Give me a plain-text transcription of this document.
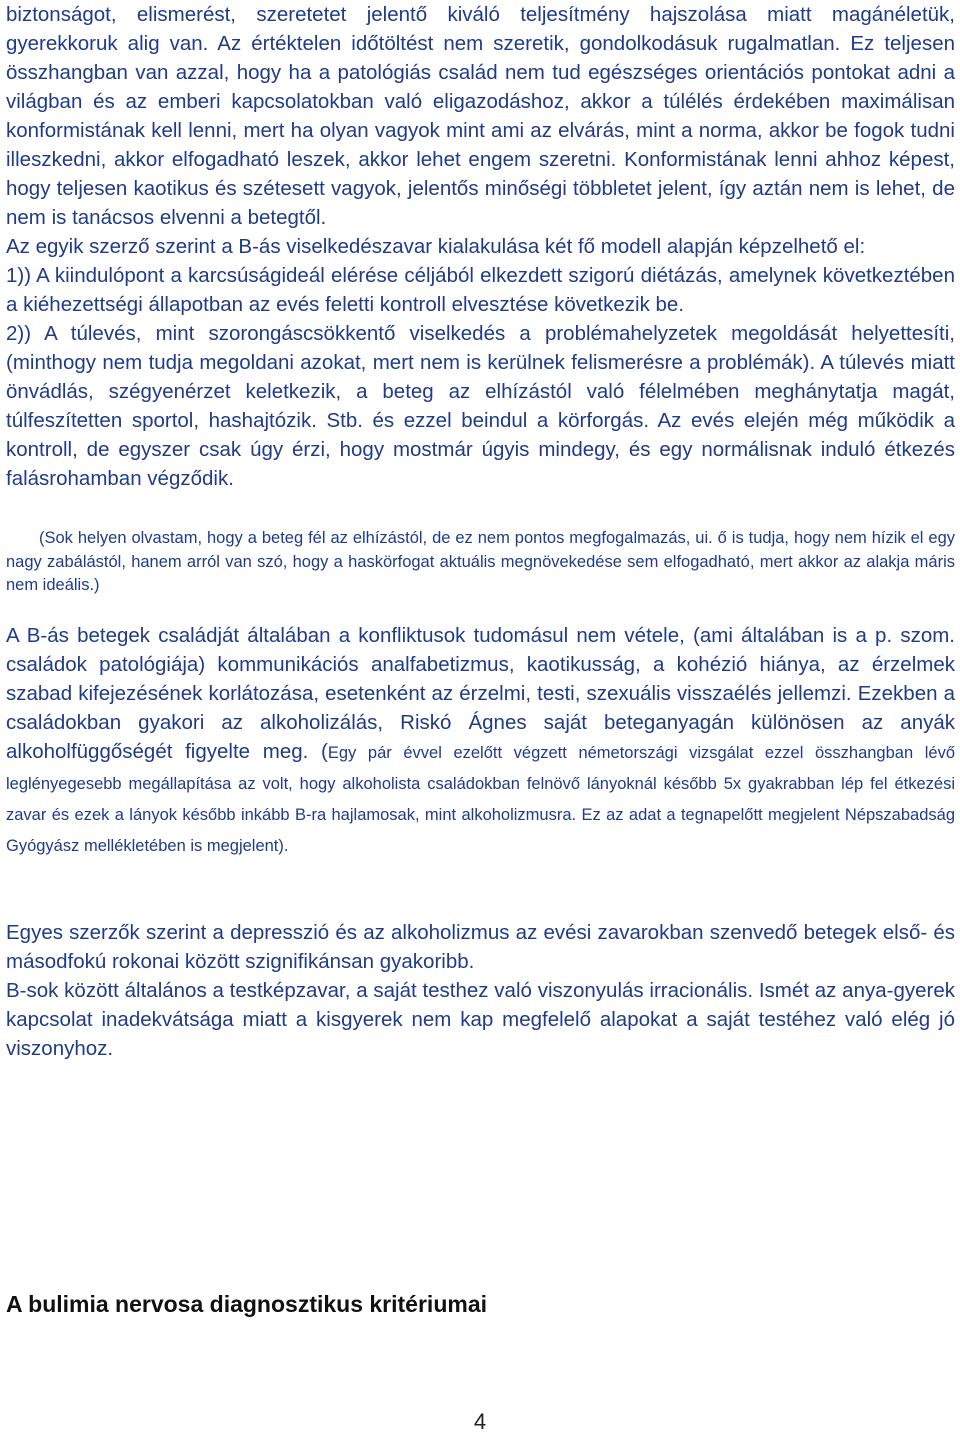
biztonságot, elismerést, szeretetet jelentő kiváló teljesítmény hajszolása miatt magánéletük, gyerekkoruk alig van. Az értéktelen időtöltést nem szeretik, gondolkodásuk rugalmatlan. Ez teljesen összhangban van azzal, hogy ha a patológiás család nem tud egészséges orientációs pontokat adni a világban és az emberi kapcsolatokban való eligazodáshoz, akkor a túlélés érdekében maximálisan konformistának kell lenni, mert ha olyan vagyok mint ami az elvárás, mint a norma, akkor be fogok tudni illeszkedni, akkor elfogadható leszek, akkor lehet engem szeretni. Konformistának lenni ahhoz képest, hogy teljesen kaotikus és szétesett vagyok, jelentős minőségi többletet jelent, így aztán nem is lehet, de nem is tanácsos elvenni a betegtől.

Az egyik szerző szerint a B-ás viselkedészavar kialakulása két fő modell alapján képzelhető el:

1)) A kiindulópont a karcsúságideál elérése céljából elkezdett szigorú diétázás, amelynek következtében a kiéhezettségi állapotban az evés feletti kontroll elvesztése következik be.

2)) A túlevés, mint szorongáscsökkentő viselkedés a problémahelyzetek megoldását helyettesíti, (minthogy nem tudja megoldani azokat, mert nem is kerülnek felismerésre a problémák). A túlevés miatt önvádlás, szégyenérzet keletkezik, a beteg az elhízástól való félelmében meghánytatja magát, túlfeszítetten sportol, hashajtózik. Stb. és ezzel beindul a körforgás. Az evés elején még működik a kontroll, de egyszer csak úgy érzi, hogy mostmár úgyis mindegy, és egy normálisnak induló étkezés falásrohamban végződik.

(Sok helyen olvastam, hogy a beteg fél az elhízástól, de ez nem pontos megfogalmazás, ui. ő is tudja, hogy nem hízik el egy nagy zabálástól, hanem arról van szó, hogy a haskörfogat aktuális megnövekedése sem elfogadható, mert akkor az alakja máris nem ideális.)

A B-ás betegek családját általában a konfliktusok tudomásul nem vétele, (ami általában is a p. szom. családok patológiája) kommunikációs analfabetizmus, kaotikusság, a kohézió hiánya, az érzelmek szabad kifejezésének korlátozása, esetenként az érzelmi, testi, szexuális visszaélés jellemzi. Ezekben a családokban gyakori az alkoholizálás, Riskó Ágnes saját beteganyagán különösen az anyák alkoholfüggőségét figyelte meg. (Egy pár évvel ezelőtt végzett németországi vizsgálat ezzel összhangban lévő leglényegesebb megállapítása az volt, hogy alkoholista családokban felnövő lányoknál később 5x gyakrabban lép fel étkezési zavar és ezek a lányok később inkább B-ra hajlamosak, mint alkoholizmusra. Ez az adat a tegnapelőtt megjelent Népszabadság Gyógyász mellékletében is megjelent).

Egyes szerzők szerint a depresszió és az alkoholizmus az evési zavarokban szenvedő betegek első- és másodfokú rokonai között szignifikánsan gyakoribb.

B-sok között általános a testképzavar, a saját testhez való viszonyulás irracionális. Ismét az anya-gyerek kapcsolat inadekvátsága miatt a kisgyerek nem kap megfelelő alapokat a saját testéhez való elég jó viszonyhoz.

A bulimia nervosa diagnosztikus kritériumai
4
